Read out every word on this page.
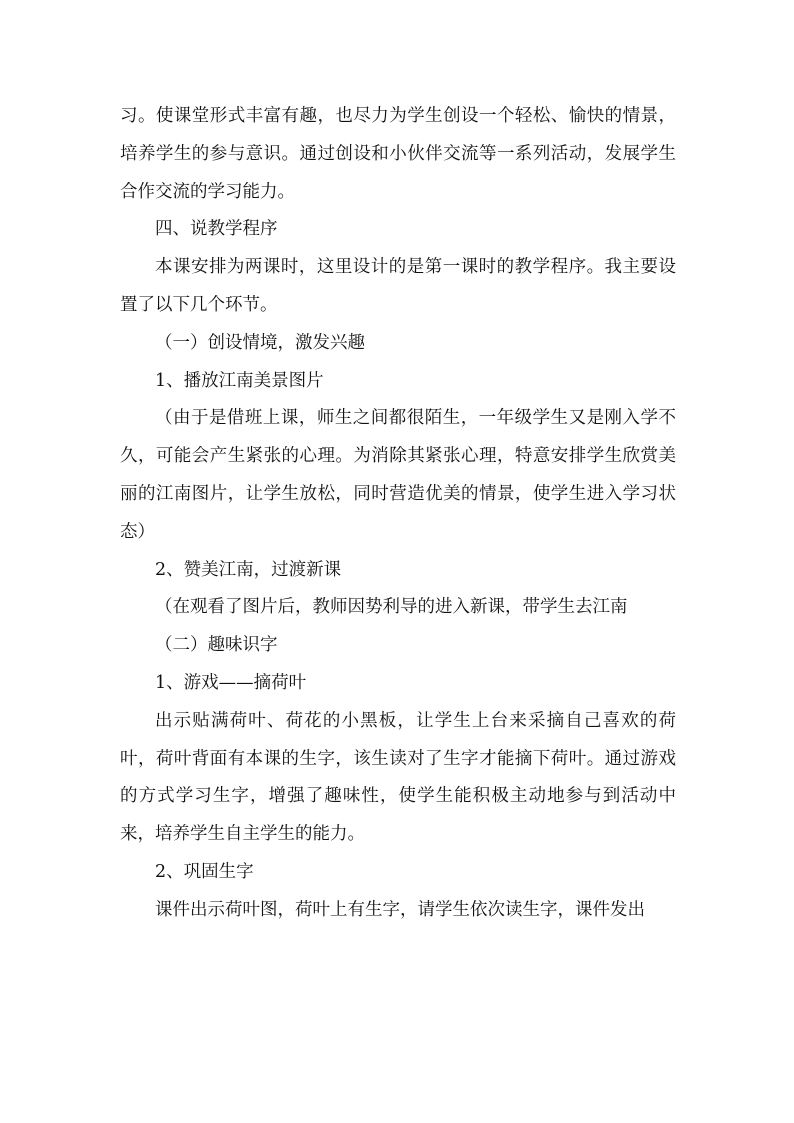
习。使课堂形式丰富有趣，也尽力为学生创设一个轻松、愉快的情景，培养学生的参与意识。通过创设和小伙伴交流等一系列活动，发展学生合作交流的学习能力。

四、说教学程序

本课安排为两课时，这里设计的是第一课时的教学程序。我主要设置了以下几个环节。

（一）创设情境，激发兴趣

1、播放江南美景图片

（由于是借班上课，师生之间都很陌生，一年级学生又是刚入学不久，可能会产生紧张的心理。为消除其紧张心理，特意安排学生欣赏美丽的江南图片，让学生放松，同时营造优美的情景，使学生进入学习状态）

2、赞美江南，过渡新课

（在观看了图片后，教师因势利导的进入新课，带学生去江南

（二）趣味识字

1、游戏——摘荷叶

出示贴满荷叶、荷花的小黑板，让学生上台来采摘自己喜欢的荷叶，荷叶背面有本课的生字，该生读对了生字才能摘下荷叶。通过游戏的方式学习生字，增强了趣味性，使学生能积极主动地参与到活动中来，培养学生自主学生的能力。

2、巩固生字

课件出示荷叶图，荷叶上有生字，请学生依次读生字，课件发出
